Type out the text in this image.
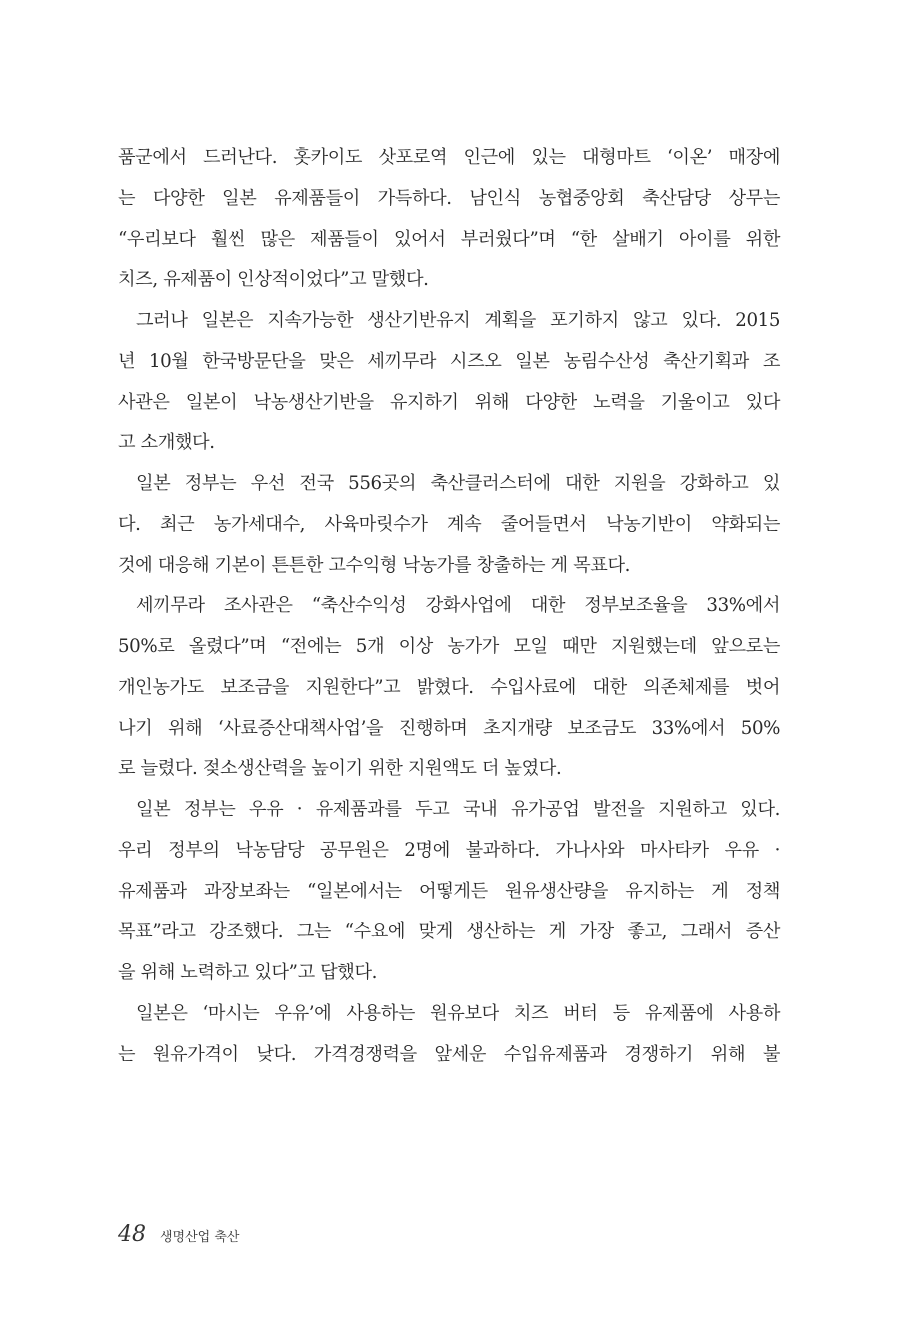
품군에서 드러난다. 홋카이도 삿포로역 인근에 있는 대형마트 ‘이온’ 매장에
는 다양한 일본 유제품들이 가득하다. 남인식 농협중앙회 축산담당 상무는
“우리보다 훨씬 많은 제품들이 있어서 부러웠다”며 “한 살배기 아이를 위한
치즈, 유제품이 인상적이었다”고 말했다.
그러나 일본은 지속가능한 생산기반유지 계획을 포기하지 않고 있다. 2015
년 10월 한국방문단을 맞은 세끼무라 시즈오 일본 농림수산성 축산기획과 조
사관은 일본이 낙농생산기반을 유지하기 위해 다양한 노력을 기울이고 있다
고 소개했다.
일본 정부는 우선 전국 556곳의 축산클러스터에 대한 지원을 강화하고 있
다. 최근 농가세대수, 사육마릿수가 계속 줄어들면서 낙농기반이 약화되는
것에 대응해 기본이 튼튼한 고수익형 낙농가를 창출하는 게 목표다.
세끼무라 조사관은 “축산수익성 강화사업에 대한 정부보조율을 33%에서
50%로 올렸다”며 “전에는 5개 이상 농가가 모일 때만 지원했는데 앞으로는
개인농가도 보조금을 지원한다”고 밝혔다. 수입사료에 대한 의존체제를 벗어
나기 위해 ‘사료증산대책사업’을 진행하며 초지개량 보조금도 33%에서 50%
로 늘렸다. 젖소생산력을 높이기 위한 지원액도 더 높였다.
일본 정부는 우유 · 유제품과를 두고 국내 유가공업 발전을 지원하고 있다.
우리 정부의 낙농담당 공무원은 2명에 불과하다. 가나사와 마사타카 우유 ·
유제품과 과장보좌는 “일본에서는 어떻게든 원유생산량을 유지하는 게 정책
목표”라고 강조했다. 그는 “수요에 맞게 생산하는 게 가장 좋고, 그래서 증산
을 위해 노력하고 있다”고 답했다.
일본은 ‘마시는 우유’에 사용하는 원유보다 치즈 버터 등 유제품에 사용하
는 원유가격이 낮다. 가격경쟁력을 앞세운 수입유제품과 경쟁하기 위해 불
48 생명산업 축산
